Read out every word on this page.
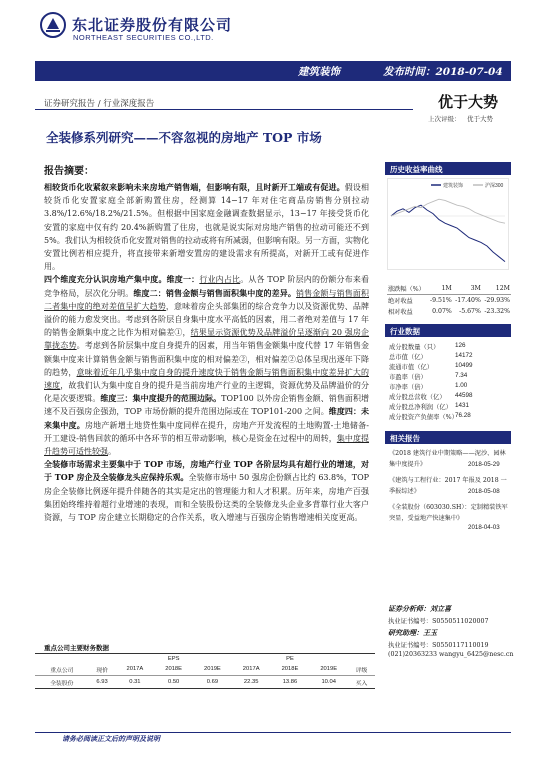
东北证券股份有限公司
NORTHEAST SECURITIES CO.,LTD.
建筑装饰	发布时间：2018-07-04
证券研究报告 / 行业深度报告	优于大势
上次评级： 优于大势
全装修系列研究——不容忽视的房地产 TOP 市场
报告摘要：

相较货币化收紧叙来影响未来房地产销售端，但影响有限，且时新开工端或有促进。假设相较货币化安置家庭全部新购置住房，经测算 14−17 年对住宅商品房销售分别拉动 3.8%/12.6%/18.2%/21.5%。但根据中国家庭金融调查数据显示，13−17 年接受货币化安置的家庭中仅有约 20.4%新购置了住房，也就是说实际对房地产销售的拉动可能还不到 5%。我们认为相较货币化安置对销售的拉动或将有所减弱，但影响有限。另一方面，实物化安置比例若相应提升，将直接带来新增安置房的建设需求有所提高，对新开工或有促进作用。

四个维度充分认识房地产集中度。维度一：行业内占比。从各 TOP 阶层内的份额分布来看竞争格局，层次化分明。维度二：销售金额与销售面积集中度的差异。销售金额与销售面积二者集中度的绝对差值呈扩大趋势，意味着房企头部集团的综合竞争力以及资源优势、品牌溢价的能力愈发突出。考虑到各阶层自身集中度水平高低的因素，用二者绝对差值与 17 年的销售金额集中度之比作为相对偏差①，结果显示资源优势及品牌溢价呈逐渐向 20 强房企靠拢态势。考虑到各阶层集中度自身提升的因素，用当年销售金额集中度代替 17 年销售金额集中度来计算销售金额与销售面积集中度的相对偏差②，相对偏差②总体呈现出逐年下降的趋势，意味着近年几乎集中度自身的提升速度快于销售金额与销售面积集中度差异扩大的速度，故我们认为集中度自身的提升是当前房地产行业的主逻辑，资源优势及品牌溢价的分化是次要逻辑。维度三：集中度提升的范围边际。TOP100 以外房企销售金额、销售面积增速不及百强房企强劲，TOP 市场份额的提升范围边际或在 TOP101-200 之间。维度四：未来集中度。房地产新增土地贷性集中度同样在提升，房地产开发流程的土地购置-土地储备-开工建设-销售回款的循环中各环节的相互带动影响，核心是资金在过程中的周转，集中度提升趋势可适性较强。

全装修市场需求主要集中于 TOP 市场，房地产行业 TOP 各阶层均具有超行业的增速，对于 TOP 房企及全装修龙头应保持乐观。全装修市场中 50 强房企份额占比约 63.8%，TOP 房企全装修比例逐年提升伴随各的其实是定出的管理能力和人才积累。历年来，房地产百强集团始终维持着超行业增速的表现，而和全装股份这类的全装修龙头企业多背靠行业大客户资源，与 TOP 房企建立长期稳定的合作关系，收入增速与百强房企销售增速相关度更高。

历史收益率曲线
建筑装饰	沪深300
涨跌幅（%）	1M	3M	12M
绝对收益	-9.51%	-17.40%	-29.93%
相对收益	0.07%	-5.67%	-23.32%
行业数据
成分股数量（只） 126
总市值（亿）	14172
流通市值（亿）	10499
市盈率（倍）	7.34
市净率（倍）	1.00
成分股总营收（亿） 44598
成分股总净利润（亿） 1431
成分股资产负债率（%）
76.28
相关报告
《2018 建筑行业中期策略——泥沙、园林集中度提升》	2018-05-29
《建筑与工程行业：2017 年报及 2018 一季报综述》	2018-05-08
《全装股份（603030.SH）：定制精装铁军突显，受益地产快速集中》
2018-04-03
证券分析师：刘立喜
执业证书编号：S0550511020007
研究助理：王玉
执业证书编号：S0550117110019
(021)20363233 wangyu_6425@nesc.cn
重点公司主要财务数据
		EPS			PE			
重点公司	现价	2017A	2018E	2019E	2017A	2018E	2019E	评级
全装股份	6.93	0.31	0.50	0.69	22.35	13.86	10.04	买入
请务必阅读正文后的声明及说明
